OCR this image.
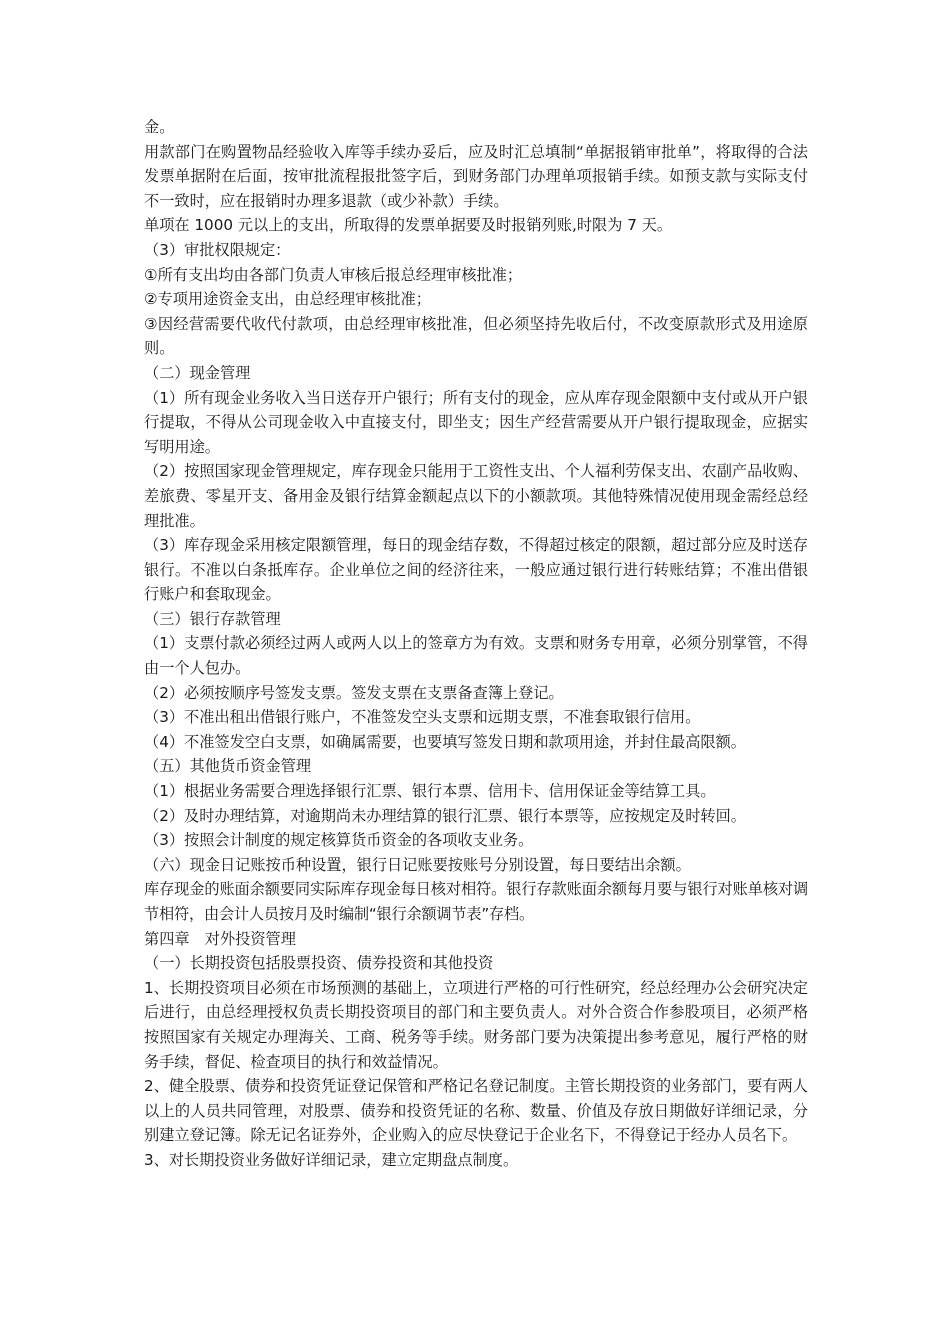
金。

用款部门在购置物品经验收入库等手续办妥后，应及时汇总填制“单据报销审批单”，将取得的合法发票单据附在后面，按审批流程报批签字后，到财务部门办理单项报销手续。如预支款与实际支付不一致时，应在报销时办理多退款（或少补款）手续。

单项在 1000 元以上的支出，所取得的发票单据要及时报销列账,时限为 7 天。

（3）审批权限规定：

①所有支出均由各部门负责人审核后报总经理审核批准；

②专项用途资金支出，由总经理审核批准；

③因经营需要代收代付款项，由总经理审核批准，但必须坚持先收后付，不改变原款形式及用途原则。

（二）现金管理

（1）所有现金业务收入当日送存开户银行；所有支付的现金，应从库存现金限额中支付或从开户银行提取，不得从公司现金收入中直接支付，即坐支；因生产经营需要从开户银行提取现金，应据实写明用途。

（2）按照国家现金管理规定，库存现金只能用于工资性支出、个人福利劳保支出、农副产品收购、差旅费、零星开支、备用金及银行结算金额起点以下的小额款项。其他特殊情况使用现金需经总经理批准。

（3）库存现金采用核定限额管理，每日的现金结存数，不得超过核定的限额，超过部分应及时送存银行。不准以白条抵库存。企业单位之间的经济往来，一般应通过银行进行转账结算；不准出借银行账户和套取现金。

（三）银行存款管理

（1）支票付款必须经过两人或两人以上的签章方为有效。支票和财务专用章，必须分别掌管，不得由一个人包办。

（2）必须按顺序号签发支票。签发支票在支票备查簿上登记。

（3）不准出租出借银行账户，不准签发空头支票和远期支票，不准套取银行信用。

（4）不准签发空白支票，如确属需要，也要填写签发日期和款项用途，并封住最高限额。

（五）其他货币资金管理

（1）根据业务需要合理选择银行汇票、银行本票、信用卡、信用保证金等结算工具。

（2）及时办理结算，对逾期尚未办理结算的银行汇票、银行本票等，应按规定及时转回。

（3）按照会计制度的规定核算货币资金的各项收支业务。

（六）现金日记账按币种设置，银行日记账要按账号分别设置，每日要结出余额。

库存现金的账面余额要同实际库存现金每日核对相符。银行存款账面余额每月要与银行对账单核对调节相符，由会计人员按月及时编制“银行余额调节表”存档。

第四章　对外投资管理

（一）长期投资包括股票投资、债券投资和其他投资

1、长期投资项目必须在市场预测的基础上，立项进行严格的可行性研究，经总经理办公会研究决定后进行，由总经理授权负责长期投资项目的部门和主要负责人。对外合资合作参股项目，必须严格按照国家有关规定办理海关、工商、税务等手续。财务部门要为决策提出参考意见，履行严格的财务手续，督促、检查项目的执行和效益情况。

2、健全股票、债券和投资凭证登记保管和严格记名登记制度。主管长期投资的业务部门，要有两人以上的人员共同管理，对股票、债券和投资凭证的名称、数量、价值及存放日期做好详细记录，分别建立登记簿。除无记名证券外，企业购入的应尽快登记于企业名下，不得登记于经办人员名下。

3、对长期投资业务做好详细记录，建立定期盘点制度。
